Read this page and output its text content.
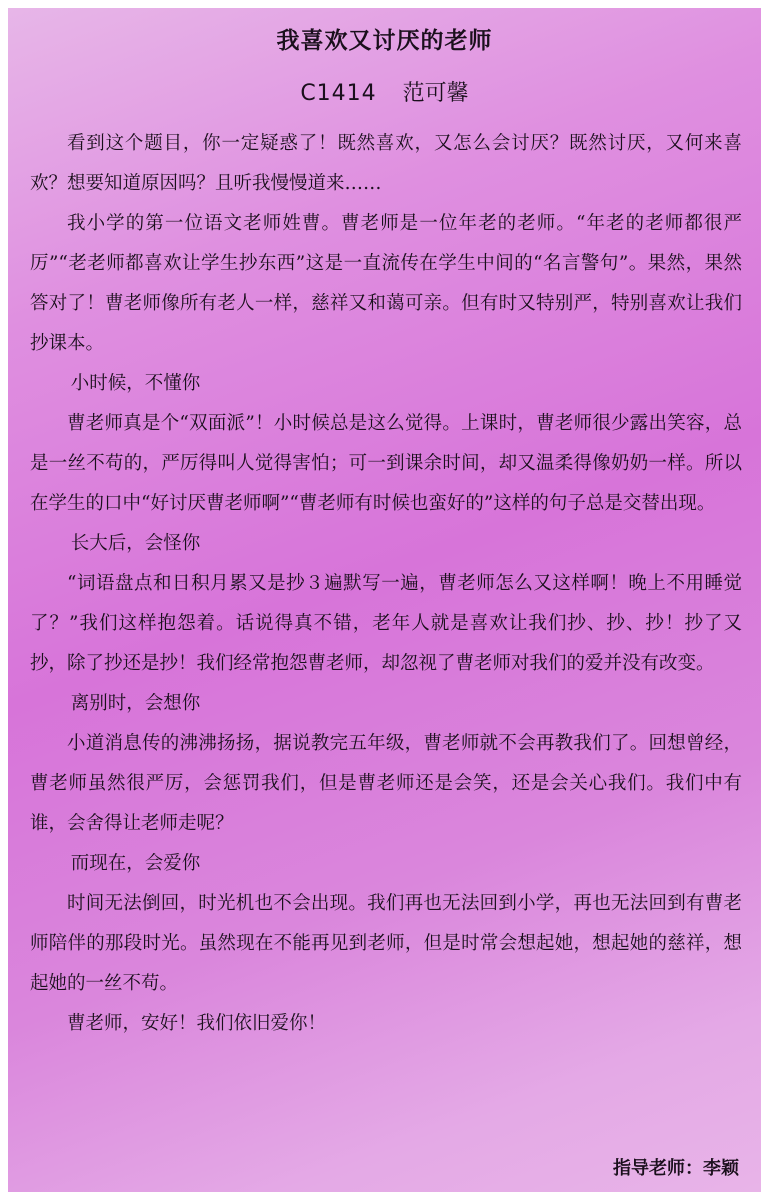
我喜欢又讨厌的老师

C1414 范可馨

看到这个题目，你一定疑惑了！既然喜欢，又怎么会讨厌？既然讨厌，又何来喜欢？想要知道原因吗？且听我慢慢道来……

我小学的第一位语文老师姓曹。曹老师是一位年老的老师。“年老的老师都很严厉”“老老师都喜欢让学生抄东西”这是一直流传在学生中间的“名言警句”。果然，果然答对了！曹老师像所有老人一样，慈祥又和蔼可亲。但有时又特别严，特别喜欢让我们抄课本。

小时候，不懂你

曹老师真是个“双面派”！小时候总是这么觉得。上课时，曹老师很少露出笑容，总是一丝不苟的，严厉得叫人觉得害怕；可一到课余时间，却又温柔得像奶奶一样。所以在学生的口中“好讨厌曹老师啊”“曹老师有时候也蛮好的”这样的句子总是交替出现。

长大后，会怪你

“词语盘点和日积月累又是抄３遍默写一遍，曹老师怎么又这样啊！晚上不用睡觉了？”我们这样抱怨着。话说得真不错，老年人就是喜欢让我们抄、抄、抄！抄了又抄，除了抄还是抄！我们经常抱怨曹老师，却忽视了曹老师对我们的爱并没有改变。

离别时，会想你

小道消息传的沸沸扬扬，据说教完五年级，曹老师就不会再教我们了。回想曾经，曹老师虽然很严厉，会惩罚我们，但是曹老师还是会笑，还是会关心我们。我们中有谁，会舍得让老师走呢？

而现在，会爱你

时间无法倒回，时光机也不会出现。我们再也无法回到小学，再也无法回到有曹老师陪伴的那段时光。虽然现在不能再见到老师，但是时常会想起她，想起她的慈祥，想起她的一丝不苟。

曹老师，安好！我们依旧爱你！

指导老师：李颖
